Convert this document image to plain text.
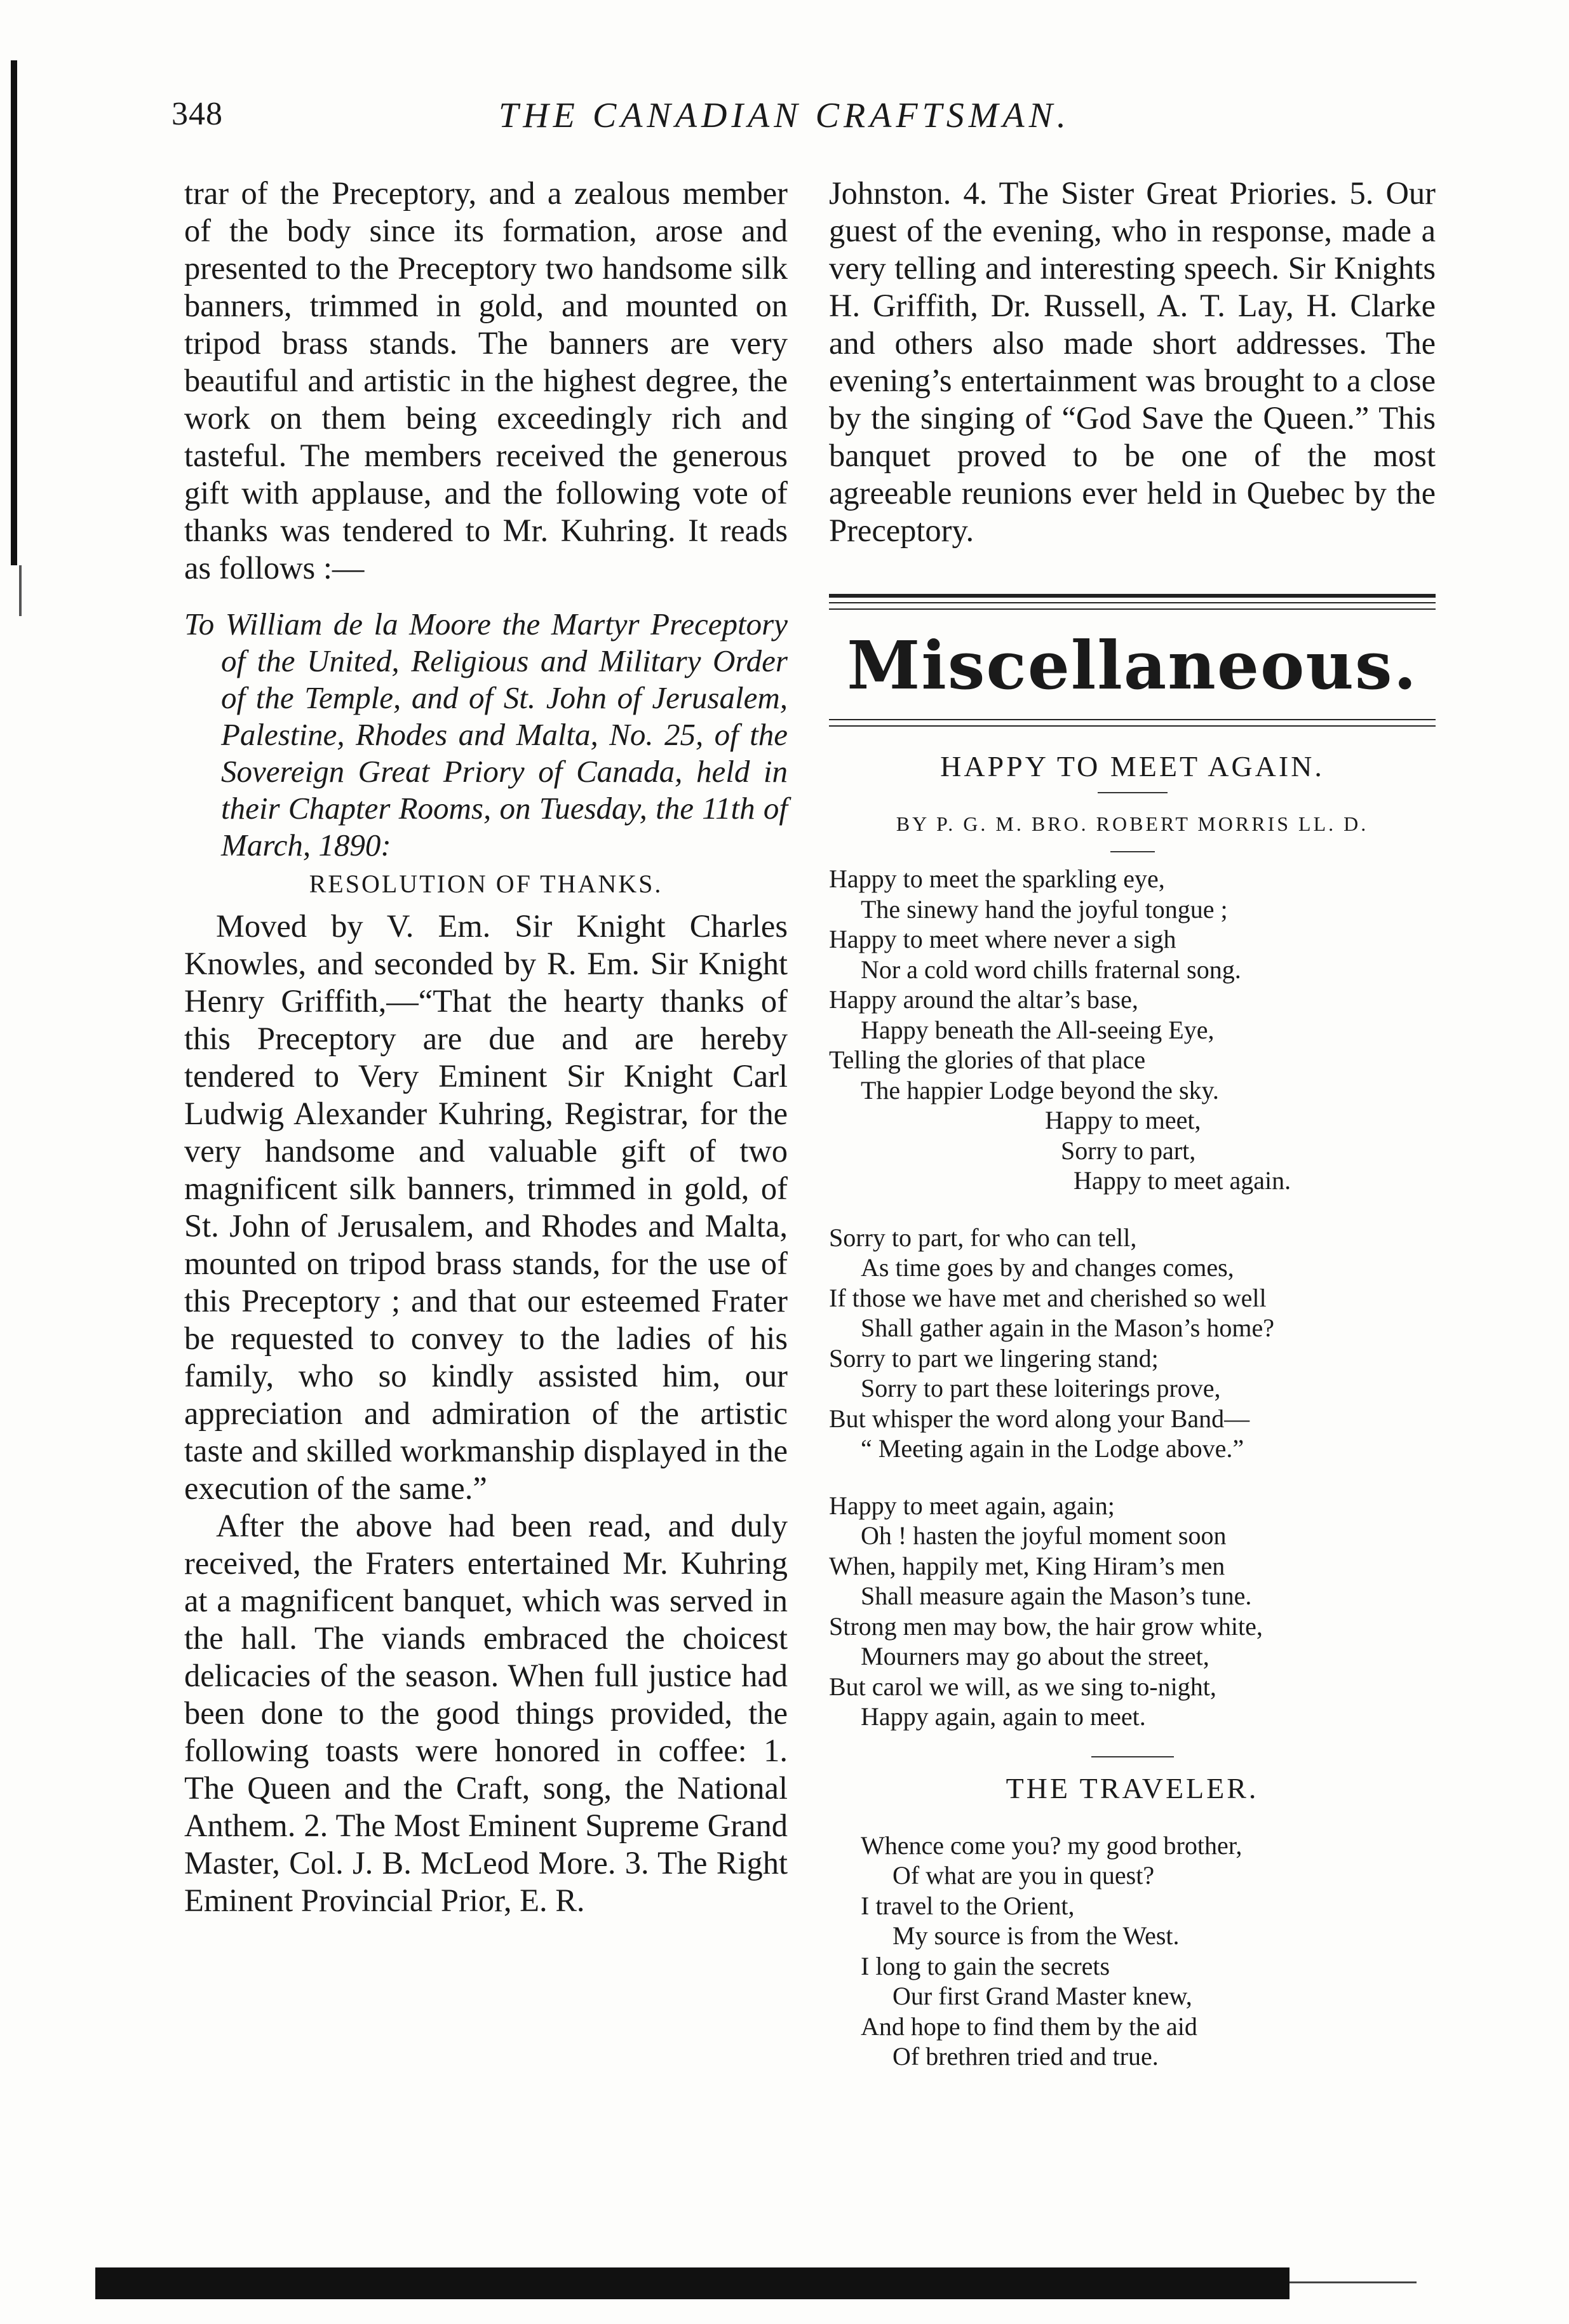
348	THE CANADIAN CRAFTSMAN.

trar of the Preceptory, and a zealous member of the body since its formation, arose and presented to the Preceptory two handsome silk banners, trimmed in gold, and mounted on tripod brass stands. The banners are very beautiful and artistic in the highest degree, the work on them being exceedingly rich and tasteful. The members received the generous gift with applause, and the following vote of thanks was tendered to Mr. Kuhring. It reads as follows :—

To William de la Moore the Martyr Preceptory of the United, Religious and Military Order of the Temple, and of St. John of Jerusalem, Palestine, Rhodes and Malta, No. 25, of the Sovereign Great Priory of Canada, held in their Chapter Rooms, on Tuesday, the 11th of March, 1890:
RESOLUTION OF THANKS.

Moved by V. Em. Sir Knight Charles Knowles, and seconded by R. Em. Sir Knight Henry Griffith,—“That the hearty thanks of this Preceptory are due and are hereby tendered to Very Eminent Sir Knight Carl Ludwig Alexander Kuhring, Registrar, for the very handsome and valuable gift of two magnificent silk banners, trimmed in gold, of St. John of Jerusalem, and Rhodes and Malta, mounted on tripod brass stands, for the use of this Preceptory ; and that our esteemed Frater be requested to convey to the ladies of his family, who so kindly assisted him, our appreciation and admiration of the artistic taste and skilled workmanship displayed in the execution of the same.”

After the above had been read, and duly received, the Fraters entertained Mr. Kuhring at a magnificent banquet, which was served in the hall. The viands embraced the choicest delicacies of the season. When full justice had been done to the good things provided, the following toasts were honored in coffee: 1. The Queen and the Craft, song, the National Anthem. 2. The Most Eminent Supreme Grand Master, Col. J. B. McLeod More. 3. The Right Eminent Provincial Prior, E. R.

Johnston. 4. The Sister Great Priories. 5. Our guest of the evening, who in response, made a very telling and interesting speech. Sir Knights H. Griffith, Dr. Russell, A. T. Lay, H. Clarke and others also made short addresses. The evening’s entertainment was brought to a close by the singing of “God Save the Queen.” This banquet proved to be one of the most agreeable reunions ever held in Quebec by the Preceptory.

Miscellaneous.
HAPPY TO MEET AGAIN.
BY P. G. M. BRO. ROBERT MORRIS LL. D.
Happy to meet the sparkling eye,
The sinewy hand the joyful tongue ;
Happy to meet where never a sigh
Nor a cold word chills fraternal song.
Happy around the altar’s base,
Happy beneath the All-seeing Eye,
Telling the glories of that place
The happier Lodge beyond the sky.
Happy to meet,
Sorry to part,
Happy to meet again.
Sorry to part, for who can tell,
As time goes by and changes comes,
If those we have met and cherished so well
Shall gather again in the Mason’s home?
Sorry to part we lingering stand;
Sorry to part these loiterings prove,
But whisper the word along your Band—
“ Meeting again in the Lodge above.”
Happy to meet again, again;
Oh ! hasten the joyful moment soon
When, happily met, King Hiram’s men
Shall measure again the Mason’s tune.
Strong men may bow, the hair grow white,
Mourners may go about the street,
But carol we will, as we sing to-night,
Happy again, again to meet.
THE TRAVELER.
Whence come you? my good brother,
Of what are you in quest?
I travel to the Orient,
My source is from the West.
I long to gain the secrets
Our first Grand Master knew,
And hope to find them by the aid
Of brethren tried and true.
